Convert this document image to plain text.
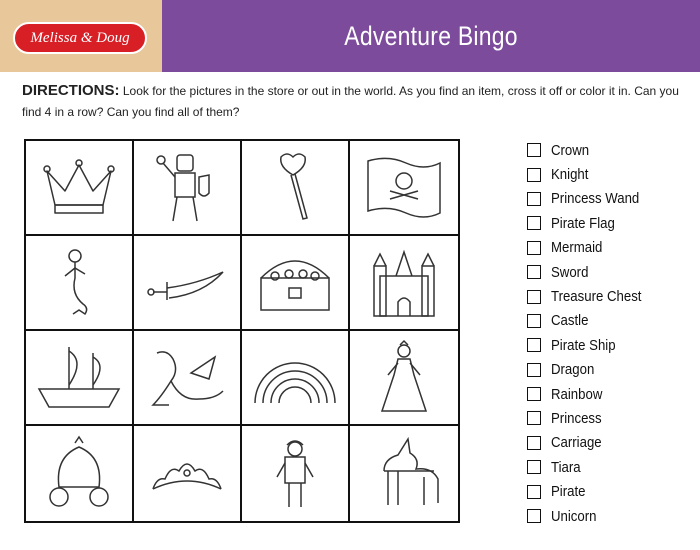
Melissa & Doug	Adventure Bingo
DIRECTIONS: Look for the pictures in the store or out in the world. As you find an item, cross it off or color it in. Can you find 4 in a row? Can you find all of them?
Crown
Knight
Princess Wand
Pirate Flag
Mermaid
Sword
Treasure Chest
Castle
Pirate Ship
Dragon
Rainbow
Princess
Carriage
Tiara
Pirate
Unicorn
